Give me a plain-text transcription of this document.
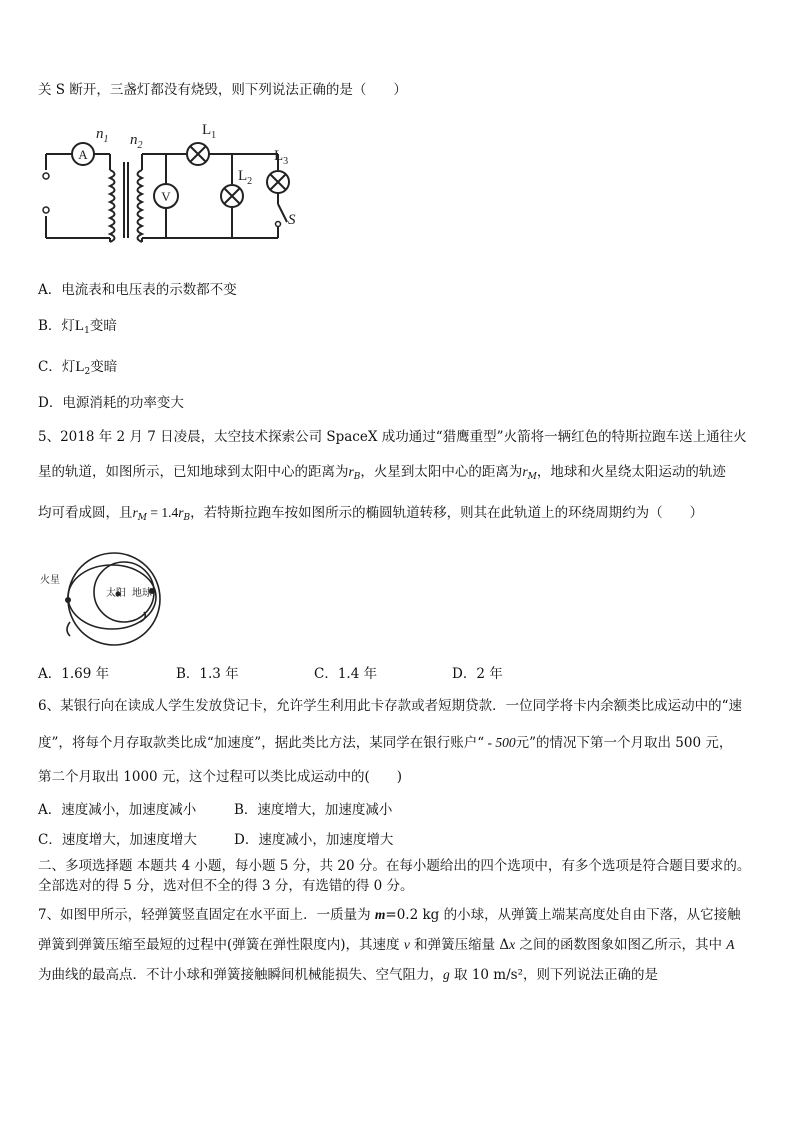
关 S 断开，三盏灯都没有烧毁，则下列说法正确的是（　　）
A
V
$n_1$ $n_2$
$L_1$
$L_2$
$L_3$
S
A．电流表和电压表的示数都不变
B．灯$L_1$变暗
C．灯$L_2$变暗
D．电源消耗的功率变大
5、2018 年 2 月 7 日凌晨，太空技术探索公司 SpaceX 成功通过“猎鹰重型”火箭将一辆红色的特斯拉跑车送上通往火
星的轨道，如图所示，已知地球到太阳中心的距离为$r_B$，火星到太阳中心的距离为$r_M$，地球和火星绕太阳运动的轨迹
均可看成圆，且$r_M = 1.4r_B$，若特斯拉跑车按如图所示的椭圆轨道转移，则其在此轨道上的环绕周期约为（　　）
火星
太阳 地球
A．1.69 年	B．1.3 年	C．1.4 年	D．2 年
6、某银行向在读成人学生发放贷记卡，允许学生利用此卡存款或者短期贷款．一位同学将卡内余额类比成运动中的“速
度”，将每个月存取款类比成“加速度”，据此类比方法，某同学在银行账户“ - 500元”的情况下第一个月取出 500 元，
第二个月取出 1000 元，这个过程可以类比成运动中的(　　)
A．速度减小，加速度减小	B．速度增大，加速度减小
C．速度增大，加速度增大	D．速度减小，加速度增大
二、多项选择题 本题共 4 小题，每小题 5 分，共 20 分。在每小题给出的四个选项中，有多个选项是符合题目要求的。
全部选对的得 5 分，选对但不全的得 3 分，有选错的得 0 分。
7、如图甲所示，轻弹簧竖直固定在水平面上．一质量为 m=0.2 kg 的小球，从弹簧上端某高度处自由下落，从它接触
弹簧到弹簧压缩至最短的过程中(弹簧在弹性限度内)，其速度 v 和弹簧压缩量 Δx 之间的函数图象如图乙所示，其中 A
为曲线的最高点．不计小球和弹簧接触瞬间机械能损失、空气阻力，g 取 10 m/s²，则下列说法正确的是
